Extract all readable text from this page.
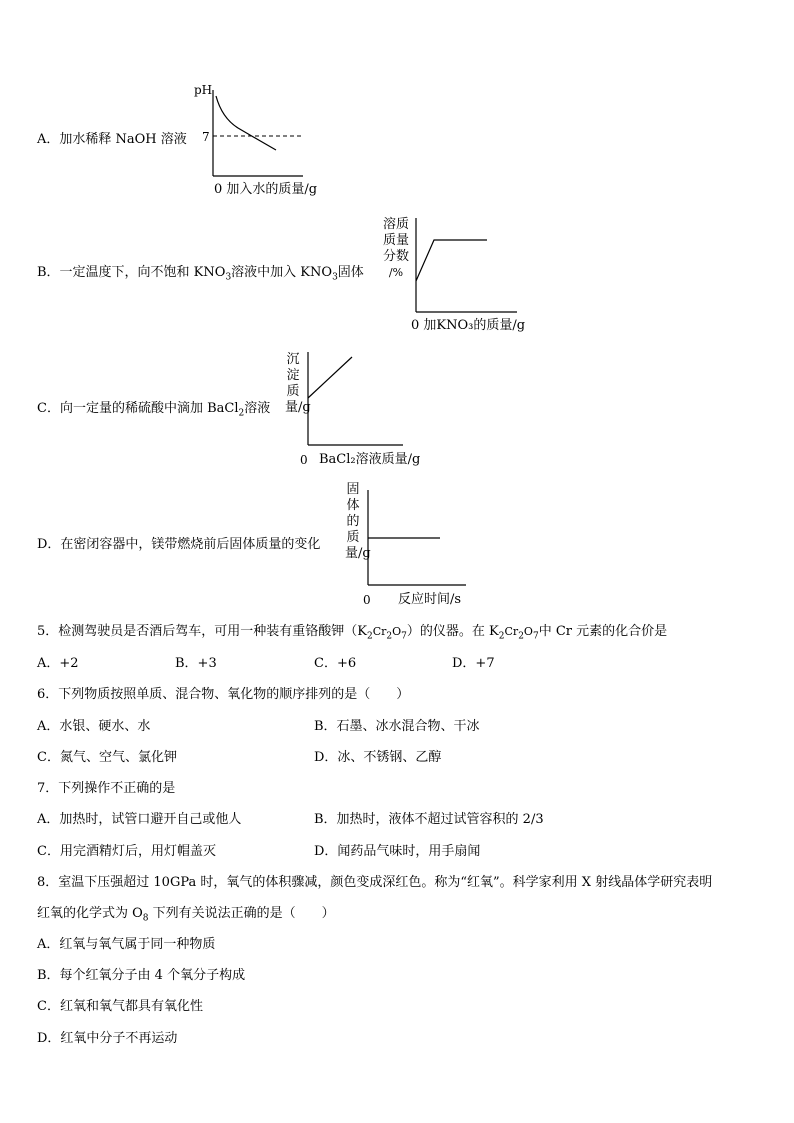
A．加水稀释 NaOH 溶液
pH
7
0 加入水的质量/g
B．一定温度下，向不饱和 $KNO_3$溶液中加入 $KNO_3$固体
溶质
质量
分数
/%
0 加KNO₃的质量/g
C．向一定量的稀硫酸中滴加 BaCl$_2$溶液
沉淀质量/g
0 BaCl₂溶液质量/g
D．在密闭容器中，镁带燃烧前后固体质量的变化
固体的质量/g
0 反应时间/s
5．检测驾驶员是否酒后驾车，可用一种装有重铬酸钾$(K_2Cr_2O_7)$的仪器。在 $K_2Cr_2O_7$中 Cr 元素的化合价是
A．+2	B．+3	C．+6	D．+7
6．下列物质按照单质、混合物、氧化物的顺序排列的是（　　）
A．水银、硬水、水	B．石墨、冰水混合物、干冰
C．氮气、空气、氯化钾	D．冰、不锈钢、乙醇
7．下列操作不正确的是
A．加热时，试管口避开自己或他人	B．加热时，液体不超过试管容积的 2/3
C．用完酒精灯后，用灯帽盖灭	D．闻药品气味时，用手扇闻
8．室温下压强超过 10GPa 时，氧气的体积骤减，颜色变成深红色。称为“红氧”。科学家利用 X 射线晶体学研究表明
红氧的化学式为 $O_8$ 下列有关说法正确的是（　　）
A．红氧与氧气属于同一种物质
B．每个红氧分子由 4 个氧分子构成
C．红氧和氧气都具有氧化性
D．红氧中分子不再运动
